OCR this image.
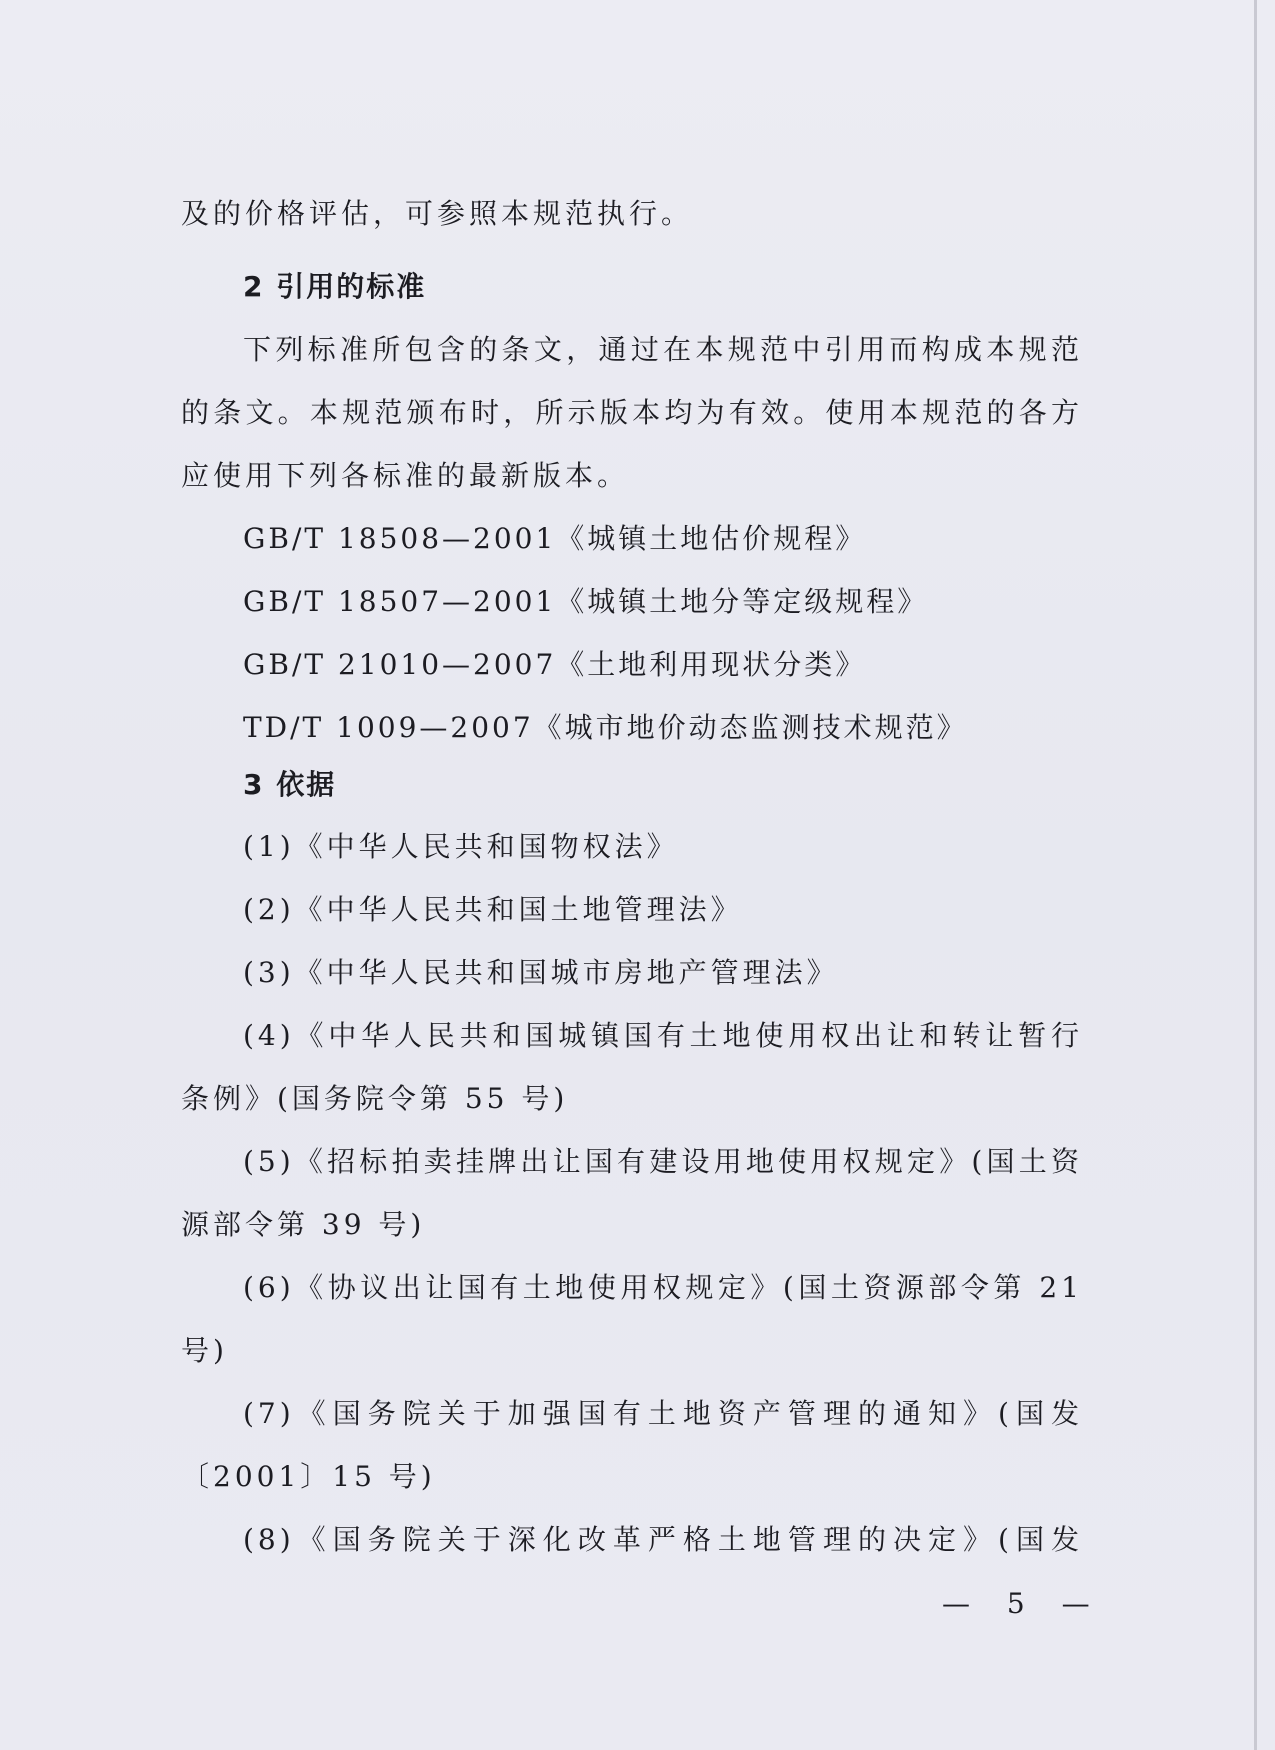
及的价格评估，可参照本规范执行。
2 引用的标准
下列标准所包含的条文，通过在本规范中引用而构成本规范
的条文。本规范颁布时，所示版本均为有效。使用本规范的各方
应使用下列各标准的最新版本。
GB/T 18508—2001《城镇土地估价规程》
GB/T 18507—2001《城镇土地分等定级规程》
GB/T 21010—2007《土地利用现状分类》
TD/T 1009—2007《城市地价动态监测技术规范》
3 依据
(1)《中华人民共和国物权法》
(2)《中华人民共和国土地管理法》
(3)《中华人民共和国城市房地产管理法》
(4)《中华人民共和国城镇国有土地使用权出让和转让暂行
条例》(国务院令第 55 号)
(5)《招标拍卖挂牌出让国有建设用地使用权规定》(国土资
源部令第 39 号)
(6)《协议出让国有土地使用权规定》(国土资源部令第 21
号)
(7)《国务院关于加强国有土地资产管理的通知》(国发
〔2001〕15 号)
(8)《国务院关于深化改革严格土地管理的决定》(国发
— 5 —
